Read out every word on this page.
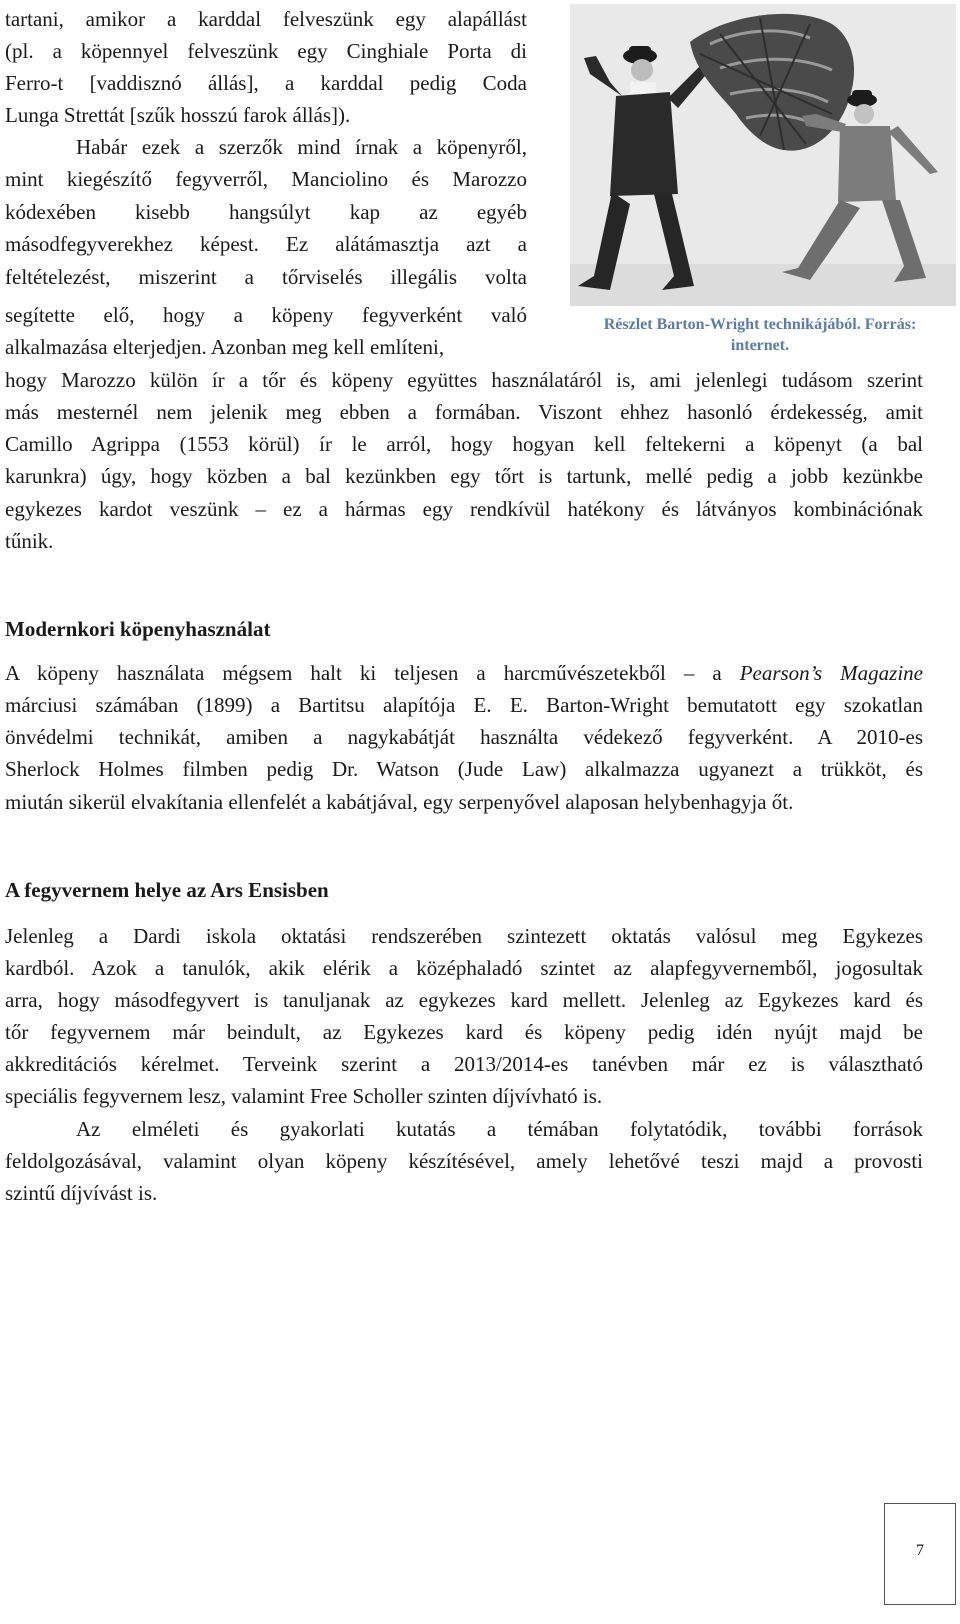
tartani, amikor a karddal felveszünk egy alapállást
(pl. a köpennyel felveszünk egy Cinghiale Porta di
Ferro-t [vaddisznó állás], a karddal pedig Coda
Lunga Strettát [szűk hosszú farok állás]).
Habár ezek a szerzők mind írnak a köpenyről,
mint kiegészítő fegyverről, Manciolino és Marozzo
kódexében kisebb hangsúlyt kap az egyéb
másodfegyverekhez képest. Ez alátámasztja azt a
feltételezést, miszerint a tőrviselés illegális volta
segítette elő, hogy a köpeny fegyverként való
alkalmazása elterjedjen. Azonban meg kell említeni,
hogy Marozzo külön ír a tőr és köpeny együttes használatáról is, ami jelenlegi tudásom szerint
más mesternél nem jelenik meg ebben a formában. Viszont ehhez hasonló érdekesség, amit
Camillo Agrippa (1553 körül) ír le arról, hogy hogyan kell feltekerni a köpenyt (a bal
karunkra) úgy, hogy közben a bal kezünkben egy tőrt is tartunk, mellé pedig a jobb kezünkbe
egykezes kardot veszünk – ez a hármas egy rendkívül hatékony és látványos kombinációnak
tűnik.
Részlet Barton-Wright technikájából. Forrás:
internet.
Modernkori köpenyhasználat
A köpeny használata mégsem halt ki teljesen a harcművészetekből – a Pearson’s Magazine
márciusi számában (1899) a Bartitsu alapítója E. E. Barton-Wright bemutatott egy szokatlan
önvédelmi technikát, amiben a nagykabátját használta védekező fegyverként. A 2010-es
Sherlock Holmes filmben pedig Dr. Watson (Jude Law) alkalmazza ugyanezt a trükköt, és
miután sikerül elvakítania ellenfelét a kabátjával, egy serpenyővel alaposan helybenhagyja őt.
A fegyvernem helye az Ars Ensisben
Jelenleg a Dardi iskola oktatási rendszerében szintezett oktatás valósul meg Egykezes
kardból. Azok a tanulók, akik elérik a középhaladó szintet az alapfegyvernemből, jogosultak
arra, hogy másodfegyvert is tanuljanak az egykezes kard mellett. Jelenleg az Egykezes kard és
tőr fegyvernem már beindult, az Egykezes kard és köpeny pedig idén nyújt majd be
akkreditációs kérelmet. Terveink szerint a 2013/2014-es tanévben már ez is választható
speciális fegyvernem lesz, valamint Free Scholler szinten díjvívható is.
Az elméleti és gyakorlati kutatás a témában folytatódik, további források
feldolgozásával, valamint olyan köpeny készítésével, amely lehetővé teszi majd a provosti
szintű díjvívást is.
7
